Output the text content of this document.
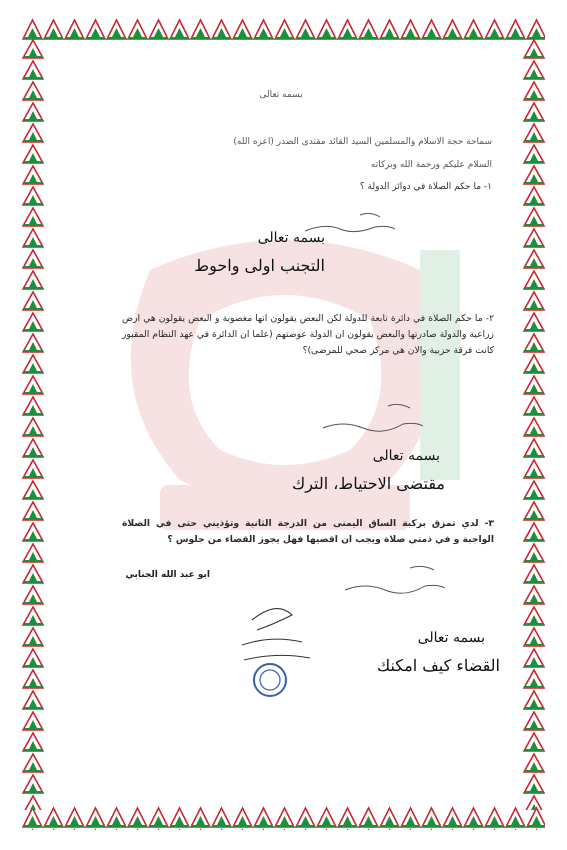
بسمه تعالى
سماحة حجة الاسلام والمسلمين السيد القائد مقتدى الصدر (اعزه الله)
السلام عليكم ورحمة الله وبركاته
١- ما حكم الصلاة في دوائر الدولة ؟
بسمه تعالى
التجنب اولى واحوط
٢- ما حكم الصلاة في دائرة تابعة للدولة لكن البعض يقولون انها مغصوبة و البعض يقولون هي ارض زراعية والدولة صادرتها والبعض يقولون ان الدولة عوضتهم (علما ان الدائرة في عهد النظام المقبور كانت فرقة حزبية والان هي مركز صحي للمرضى)؟
بسمه تعالى
مقتضى الاحتياط، الترك
٣- لدي تمزق بركبة الساق اليمنى من الدرجة الثانية وتؤذيني حتى في الصلاة الواجبة و في ذمتي صلاة ويجب ان اقضيها فهل يجوز القضاء من جلوس ؟
ابو عبد الله الجنابي
بسمه تعالى
القضاء كيف امكنك
